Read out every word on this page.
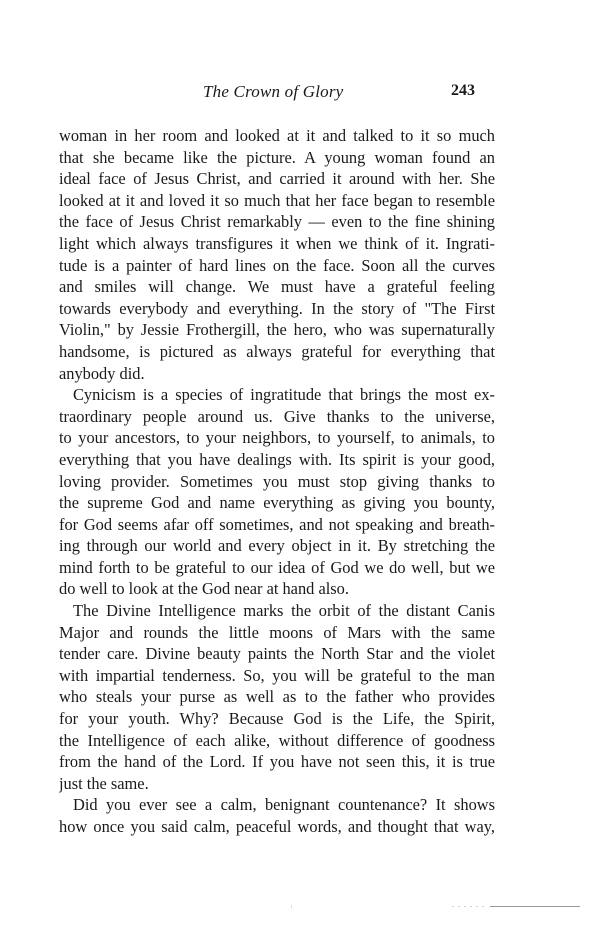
The Crown of Glory	243
woman in her room and looked at it and talked to it so much
that she became like the picture. A young woman found an
ideal face of Jesus Christ, and carried it around with her. She
looked at it and loved it so much that her face began to resemble
the face of Jesus Christ remarkably — even to the fine shining
light which always transfigures it when we think of it. Ingrati-
tude is a painter of hard lines on the face. Soon all the curves
and smiles will change. We must have a grateful feeling
towards everybody and everything. In the story of "The First
Violin," by Jessie Frothergill, the hero, who was supernaturally
handsome, is pictured as always grateful for everything that
anybody did.
Cynicism is a species of ingratitude that brings the most ex-
traordinary people around us. Give thanks to the universe,
to your ancestors, to your neighbors, to yourself, to animals, to
everything that you have dealings with. Its spirit is your good,
loving provider. Sometimes you must stop giving thanks to
the supreme God and name everything as giving you bounty,
for God seems afar off sometimes, and not speaking and breath-
ing through our world and every object in it. By stretching the
mind forth to be grateful to our idea of God we do well, but we
do well to look at the God near at hand also.
The Divine Intelligence marks the orbit of the distant Canis
Major and rounds the little moons of Mars with the same
tender care. Divine beauty paints the North Star and the violet
with impartial tenderness. So, you will be grateful to the man
who steals your purse as well as to the father who provides
for your youth. Why? Because God is the Life, the Spirit,
the Intelligence of each alike, without difference of goodness
from the hand of the Lord. If you have not seen this, it is true
just the same.
Did you ever see a calm, benignant countenance? It shows
how once you said calm, peaceful words, and thought that way,
